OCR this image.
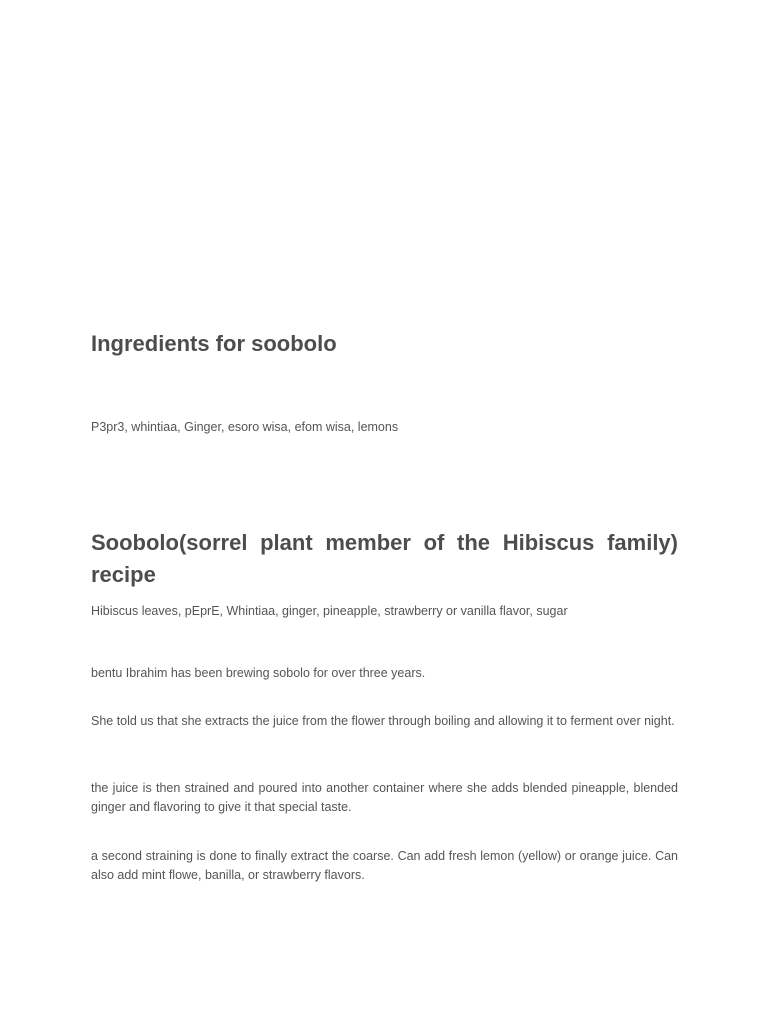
Ingredients for soobolo

P3pr3, whintiaa, Ginger, esoro wisa, efom wisa, lemons

Soobolo(sorrel plant member of the Hibiscus family) recipe

Hibiscus leaves, pEprE, Whintiaa, ginger, pineapple, strawberry or vanilla flavor, sugar

bentu Ibrahim has been brewing sobolo for over three years.

She told us that she extracts the juice from the flower through boiling and allowing it to ferment over night.

the juice is then strained and poured into another container where she adds blended pineapple, blended ginger and flavoring to give it that special taste.

a second straining is done to finally extract the coarse. Can add fresh lemon (yellow) or orange juice. Can also add mint flowe, banilla, or strawberry flavors.
